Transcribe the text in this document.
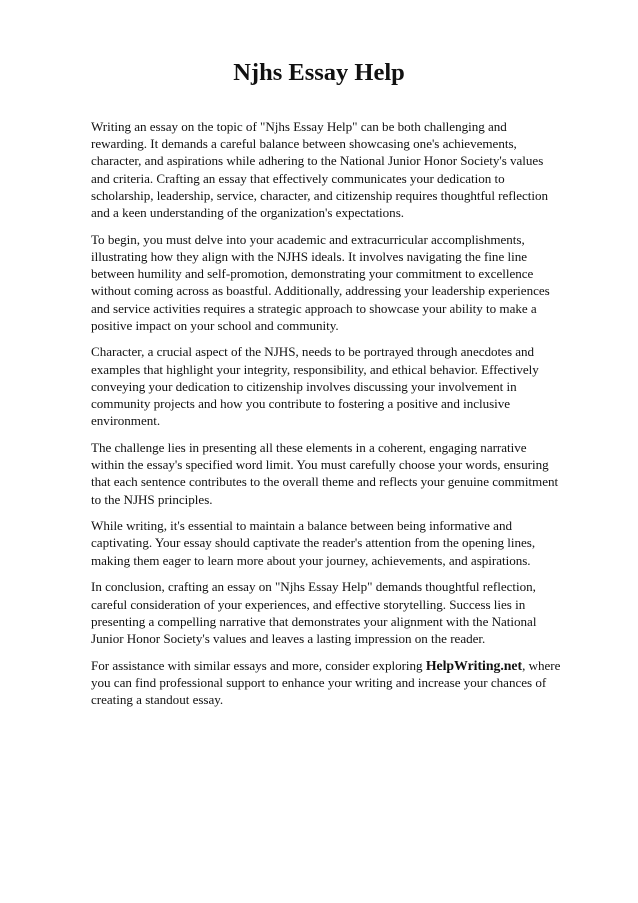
Njhs Essay Help

Writing an essay on the topic of "Njhs Essay Help" can be both challenging and rewarding. It demands a careful balance between showcasing one's achievements, character, and aspirations while adhering to the National Junior Honor Society's values and criteria. Crafting an essay that effectively communicates your dedication to scholarship, leadership, service, character, and citizenship requires thoughtful reflection and a keen understanding of the organization's expectations.

To begin, you must delve into your academic and extracurricular accomplishments, illustrating how they align with the NJHS ideals. It involves navigating the fine line between humility and self-promotion, demonstrating your commitment to excellence without coming across as boastful. Additionally, addressing your leadership experiences and service activities requires a strategic approach to showcase your ability to make a positive impact on your school and community.

Character, a crucial aspect of the NJHS, needs to be portrayed through anecdotes and examples that highlight your integrity, responsibility, and ethical behavior. Effectively conveying your dedication to citizenship involves discussing your involvement in community projects and how you contribute to fostering a positive and inclusive environment.

The challenge lies in presenting all these elements in a coherent, engaging narrative within the essay's specified word limit. You must carefully choose your words, ensuring that each sentence contributes to the overall theme and reflects your genuine commitment to the NJHS principles.

While writing, it's essential to maintain a balance between being informative and captivating. Your essay should captivate the reader's attention from the opening lines, making them eager to learn more about your journey, achievements, and aspirations.

In conclusion, crafting an essay on "Njhs Essay Help" demands thoughtful reflection, careful consideration of your experiences, and effective storytelling. Success lies in presenting a compelling narrative that demonstrates your alignment with the National Junior Honor Society's values and leaves a lasting impression on the reader.

For assistance with similar essays and more, consider exploring HelpWriting.net, where you can find professional support to enhance your writing and increase your chances of creating a standout essay.
